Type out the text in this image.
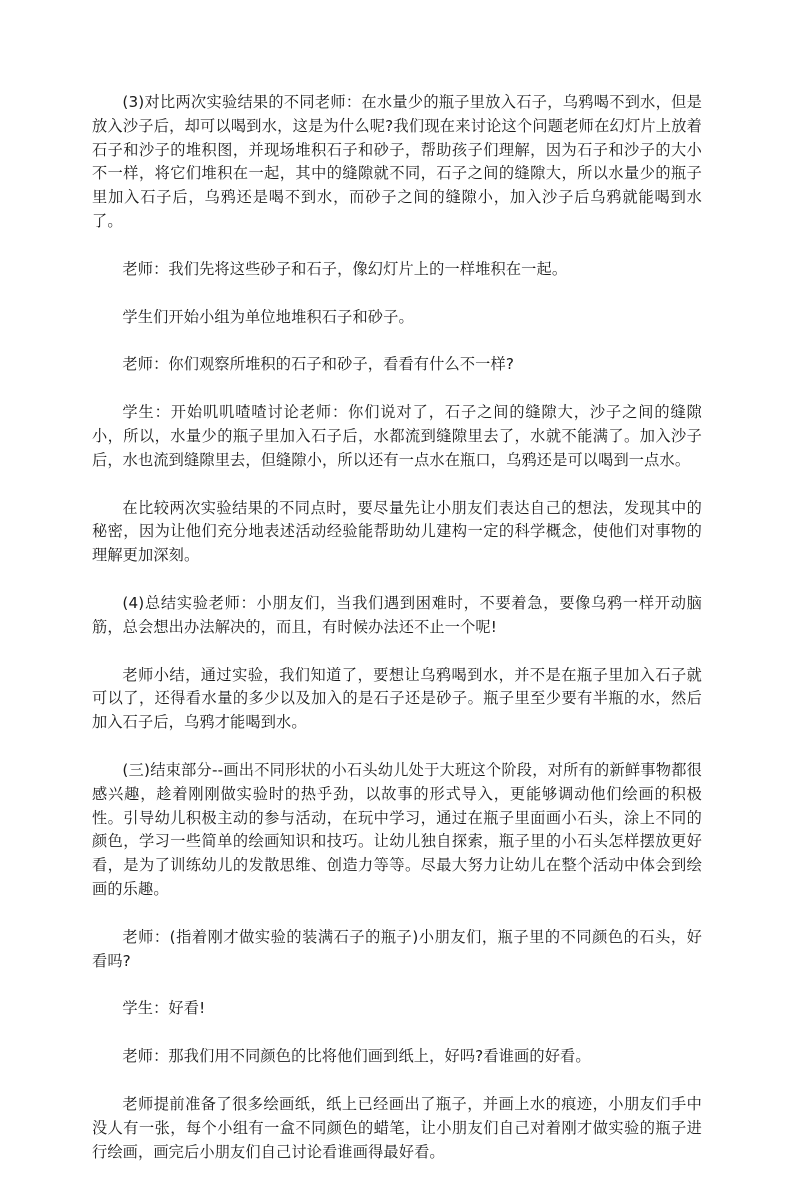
(3)对比两次实验结果的不同老师：在水量少的瓶子里放入石子，乌鸦喝不到水，但是放入沙子后，却可以喝到水，这是为什么呢?我们现在来讨论这个问题老师在幻灯片上放着石子和沙子的堆积图，并现场堆积石子和砂子，帮助孩子们理解，因为石子和沙子的大小不一样，将它们堆积在一起，其中的缝隙就不同，石子之间的缝隙大，所以水量少的瓶子里加入石子后，乌鸦还是喝不到水，而砂子之间的缝隙小，加入沙子后乌鸦就能喝到水了。

老师：我们先将这些砂子和石子，像幻灯片上的一样堆积在一起。

学生们开始小组为单位地堆积石子和砂子。

老师：你们观察所堆积的石子和砂子，看看有什么不一样?

学生：开始叽叽喳喳讨论老师：你们说对了，石子之间的缝隙大，沙子之间的缝隙小，所以，水量少的瓶子里加入石子后，水都流到缝隙里去了，水就不能满了。加入沙子后，水也流到缝隙里去，但缝隙小，所以还有一点水在瓶口，乌鸦还是可以喝到一点水。

在比较两次实验结果的不同点时，要尽量先让小朋友们表达自己的想法，发现其中的秘密，因为让他们充分地表述活动经验能帮助幼儿建构一定的科学概念，使他们对事物的理解更加深刻。

(4)总结实验老师：小朋友们，当我们遇到困难时，不要着急，要像乌鸦一样开动脑筋，总会想出办法解决的，而且，有时候办法还不止一个呢!

老师小结，通过实验，我们知道了，要想让乌鸦喝到水，并不是在瓶子里加入石子就可以了，还得看水量的多少以及加入的是石子还是砂子。瓶子里至少要有半瓶的水，然后加入石子后，乌鸦才能喝到水。

(三)结束部分--画出不同形状的小石头幼儿处于大班这个阶段，对所有的新鲜事物都很感兴趣，趁着刚刚做实验时的热乎劲，以故事的形式导入，更能够调动他们绘画的积极性。引导幼儿积极主动的参与活动，在玩中学习，通过在瓶子里面画小石头，涂上不同的颜色，学习一些简单的绘画知识和技巧。让幼儿独自探索，瓶子里的小石头怎样摆放更好看，是为了训练幼儿的发散思维、创造力等等。尽最大努力让幼儿在整个活动中体会到绘画的乐趣。

老师：(指着刚才做实验的装满石子的瓶子)小朋友们，瓶子里的不同颜色的石头，好看吗?

学生：好看!

老师：那我们用不同颜色的比将他们画到纸上，好吗?看谁画的好看。

老师提前准备了很多绘画纸，纸上已经画出了瓶子，并画上水的痕迹，小朋友们手中没人有一张，每个小组有一盒不同颜色的蜡笔，让小朋友们自己对着刚才做实验的瓶子进行绘画，画完后小朋友们自己讨论看谁画得最好看。
